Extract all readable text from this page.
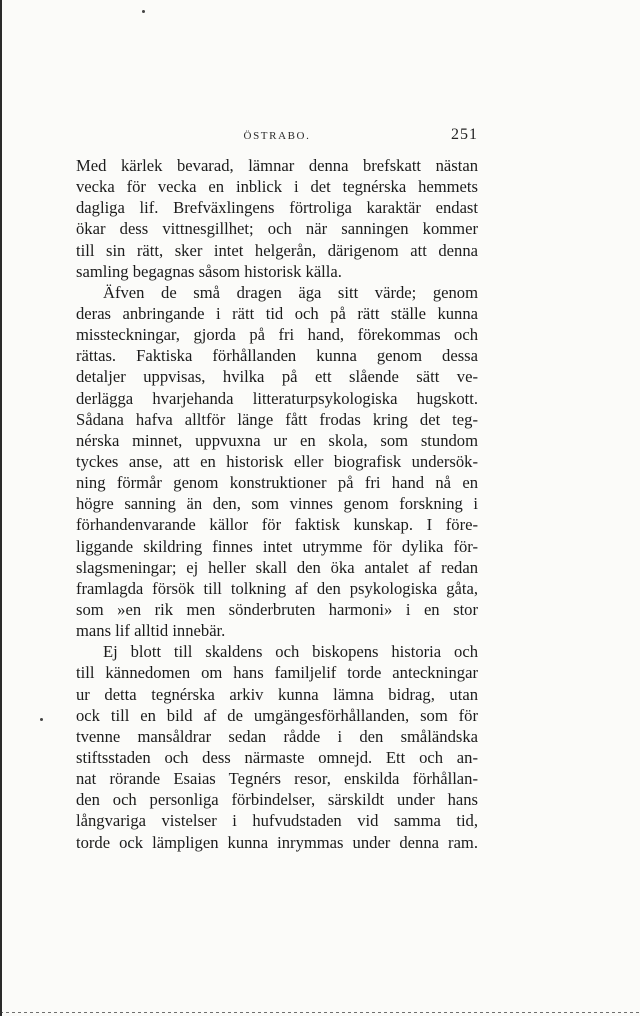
ÖSTRABO.	251
Med kärlek bevarad, lämnar denna brefskatt nästan
vecka för vecka en inblick i det tegnérska hemmets
dagliga lif. Brefväxlingens förtroliga karaktär endast
ökar dess vittnesgillhet; och när sanningen kommer
till sin rätt, sker intet helgerån, därigenom att denna
samling begagnas såsom historisk källa.
Äfven de små dragen äga sitt värde; genom
deras anbringande i rätt tid och på rätt ställe kunna
missteckningar, gjorda på fri hand, förekommas och
rättas. Faktiska förhållanden kunna genom dessa
detaljer uppvisas, hvilka på ett slående sätt ve-
derlägga hvarjehanda litteraturpsykologiska hugskott.
Sådana hafva alltför länge fått frodas kring det teg-
nérska minnet, uppvuxna ur en skola, som stundom
tyckes anse, att en historisk eller biografisk undersök-
ning förmår genom konstruktioner på fri hand nå en
högre sanning än den, som vinnes genom forskning i
förhandenvarande källor för faktisk kunskap. I före-
liggande skildring finnes intet utrymme för dylika för-
slagsmeningar; ej heller skall den öka antalet af redan
framlagda försök till tolkning af den psykologiska gåta,
som »en rik men sönderbruten harmoni» i en stor
mans lif alltid innebär.
Ej blott till skaldens och biskopens historia och
till kännedomen om hans familjelif torde anteckningar
ur detta tegnérska arkiv kunna lämna bidrag, utan
ock till en bild af de umgängesförhållanden, som för
tvenne mansåldrar sedan rådde i den småländska
stiftsstaden och dess närmaste omnejd. Ett och an-
nat rörande Esaias Tegnérs resor, enskilda förhållan-
den och personliga förbindelser, särskildt under hans
långvariga vistelser i hufvudstaden vid samma tid,
torde ock lämpligen kunna inrymmas under denna ram.
